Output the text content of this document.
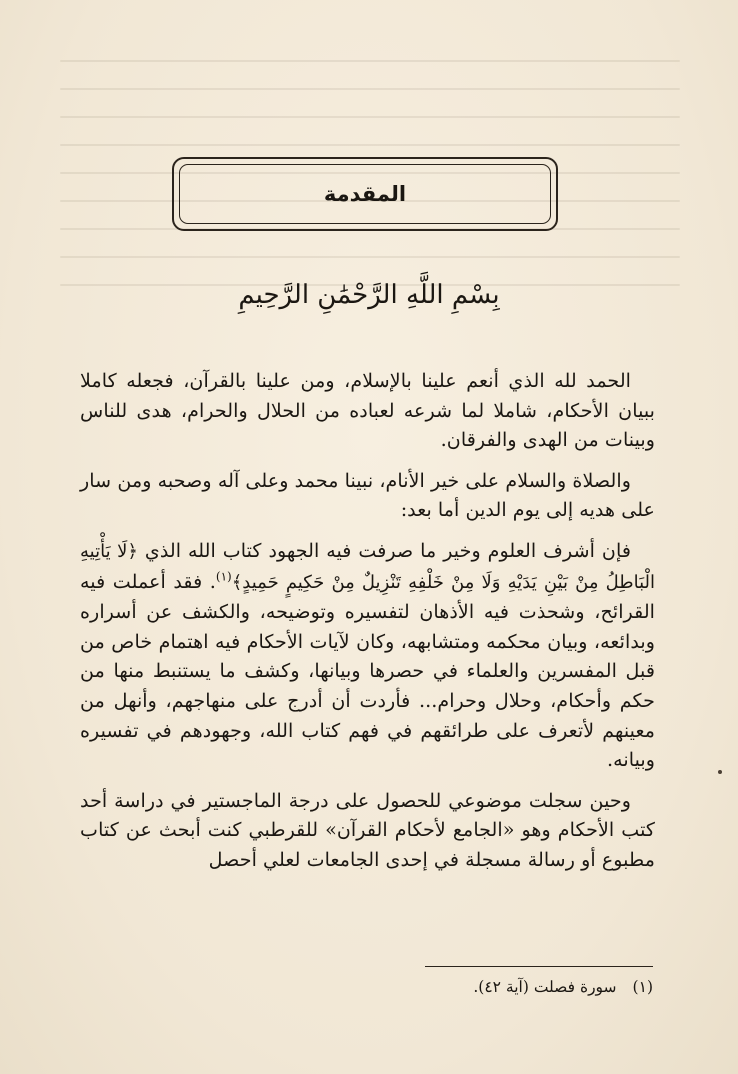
المقدمة
بِسْمِ اللَّهِ الرَّحْمَٰنِ الرَّحِيمِ

الحمد لله الذي أنعم علينا بالإسلام، ومن علينا بالقرآن، فجعله كاملا ببيان الأحكام، شاملا لما شرعه لعباده من الحلال والحرام، هدى للناس وبينات من الهدى والفرقان.

والصلاة والسلام على خير الأنام، نبينا محمد وعلى آله وصحبه ومن سار على هديه إلى يوم الدين أما بعد:

فإن أشرف العلوم وخير ما صرفت فيه الجهود كتاب الله الذي ﴿لَا يَأْتِيهِ الْبَاطِلُ مِنْ بَيْنِ يَدَيْهِ وَلَا مِنْ خَلْفِهِ تَنْزِيلٌ مِنْ حَكِيمٍ حَمِيدٍ﴾$^{(١)}$. فقد أعملت فيه القرائح، وشحذت فيه الأذهان لتفسيره وتوضيحه، والكشف عن أسراره وبدائعه، وبيان محكمه ومتشابهه، وكان لآيات الأحكام فيه اهتمام خاص من قبل المفسرين والعلماء في حصرها وبيانها، وكشف ما يستنبط منها من حكم وأحكام، وحلال وحرام... فأردت أن أدرج على منهاجهم، وأنهل من معينهم لأتعرف على طرائقهم في فهم كتاب الله، وجهودهم في تفسيره وبيانه.

وحين سجلت موضوعي للحصول على درجة الماجستير في دراسة أحد كتب الأحكام وهو «الجامع لأحكام القرآن» للقرطبي كنت أبحث عن كتاب مطبوع أو رسالة مسجلة في إحدى الجامعات لعلي أحصل

(١)سورة فصلت (آية ٤٢).
